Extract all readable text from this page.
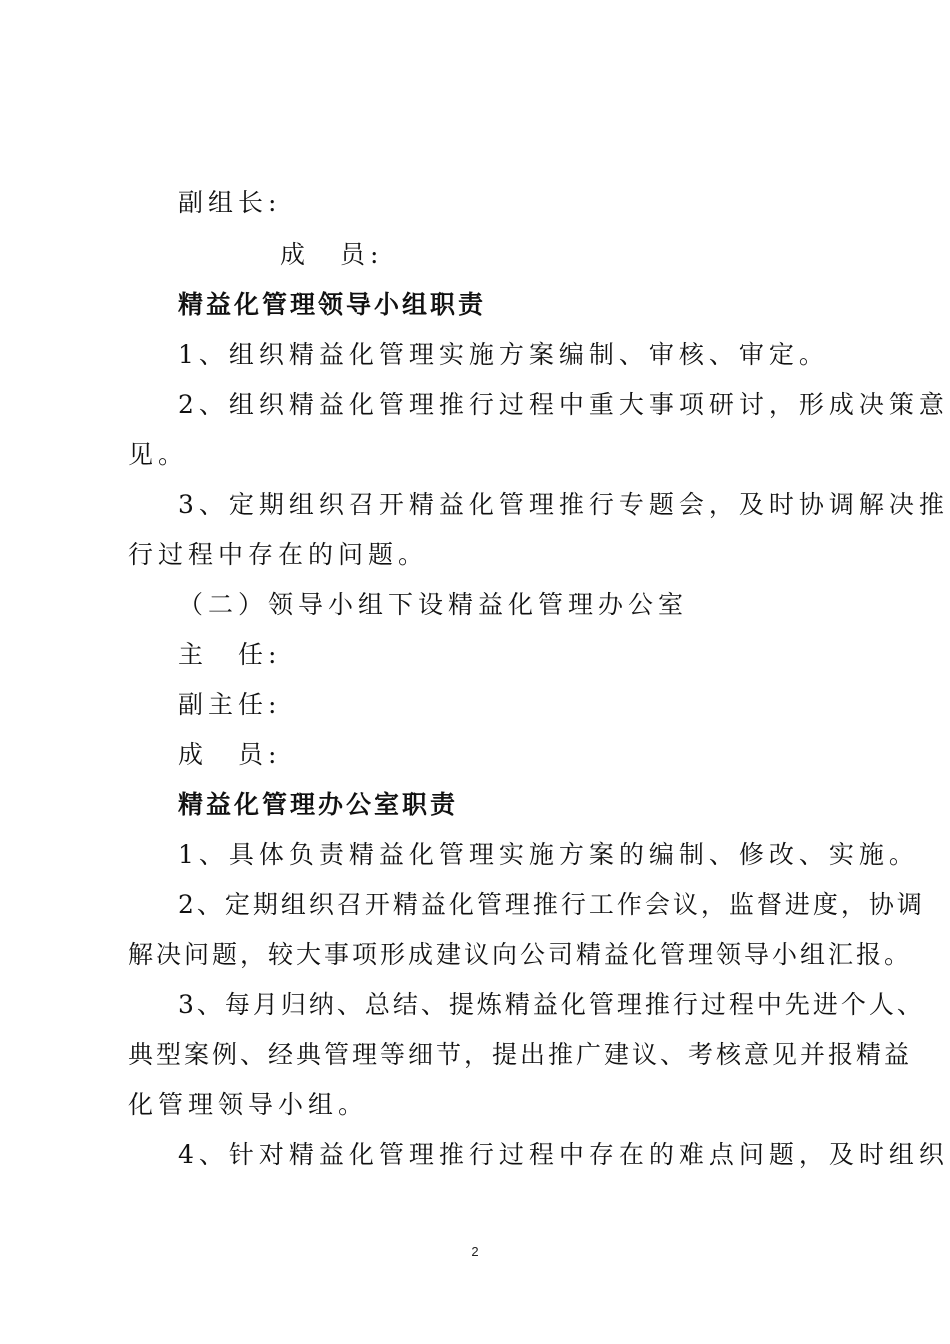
副组长:
成　员:
精益化管理领导小组职责
1、组织精益化管理实施方案编制、审核、审定。
2、组织精益化管理推行过程中重大事项研讨，形成决策意
见。
3、定期组织召开精益化管理推行专题会，及时协调解决推
行过程中存在的问题。
（二）领导小组下设精益化管理办公室
主　任:
副主任:
成　员:
精益化管理办公室职责
1、具体负责精益化管理实施方案的编制、修改、实施。
2、定期组织召开精益化管理推行工作会议，监督进度，协调
解决问题，较大事项形成建议向公司精益化管理领导小组汇报。
3、每月归纳、总结、提炼精益化管理推行过程中先进个人、
典型案例、经典管理等细节，提出推广建议、考核意见并报精益
化管理领导小组。
4、针对精益化管理推行过程中存在的难点问题，及时组织
2
